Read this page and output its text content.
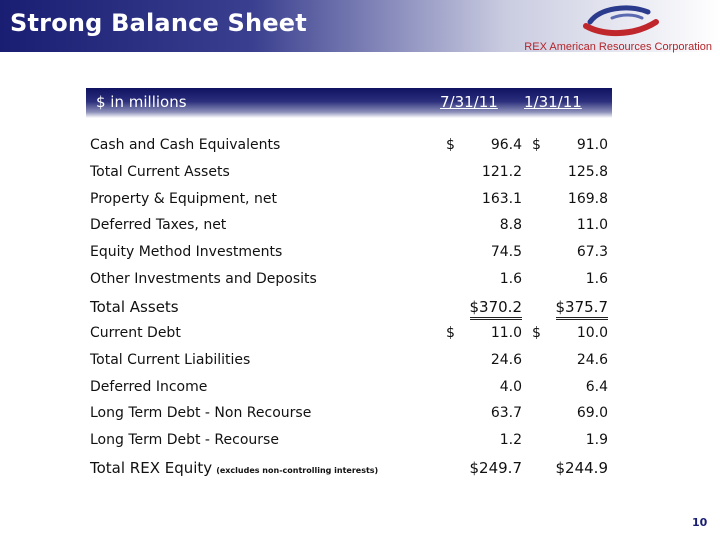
Strong Balance Sheet
REX American Resources Corporation
$ in millions	7/31/11 1/31/11
Cash and Cash Equivalents	$	96.4 $	91.0
Total Current Assets	121.2	125.8
Property & Equipment, net	163.1	169.8
Deferred Taxes, net	8.8	11.0
Equity Method Investments	74.5	67.3
Other Investments and Deposits	1.6	1.6
Total Assets	$370.2 $375.7
Current Debt	$	11.0 $	10.0
Total Current Liabilities	24.6	24.6
Deferred Income	4.0	6.4
Long Term Debt - Non Recourse	63.7	69.0
Long Term Debt - Recourse	1.2	1.9
Total REX Equity (excludes non-controlling interests)	$249.7 $244.9
10
